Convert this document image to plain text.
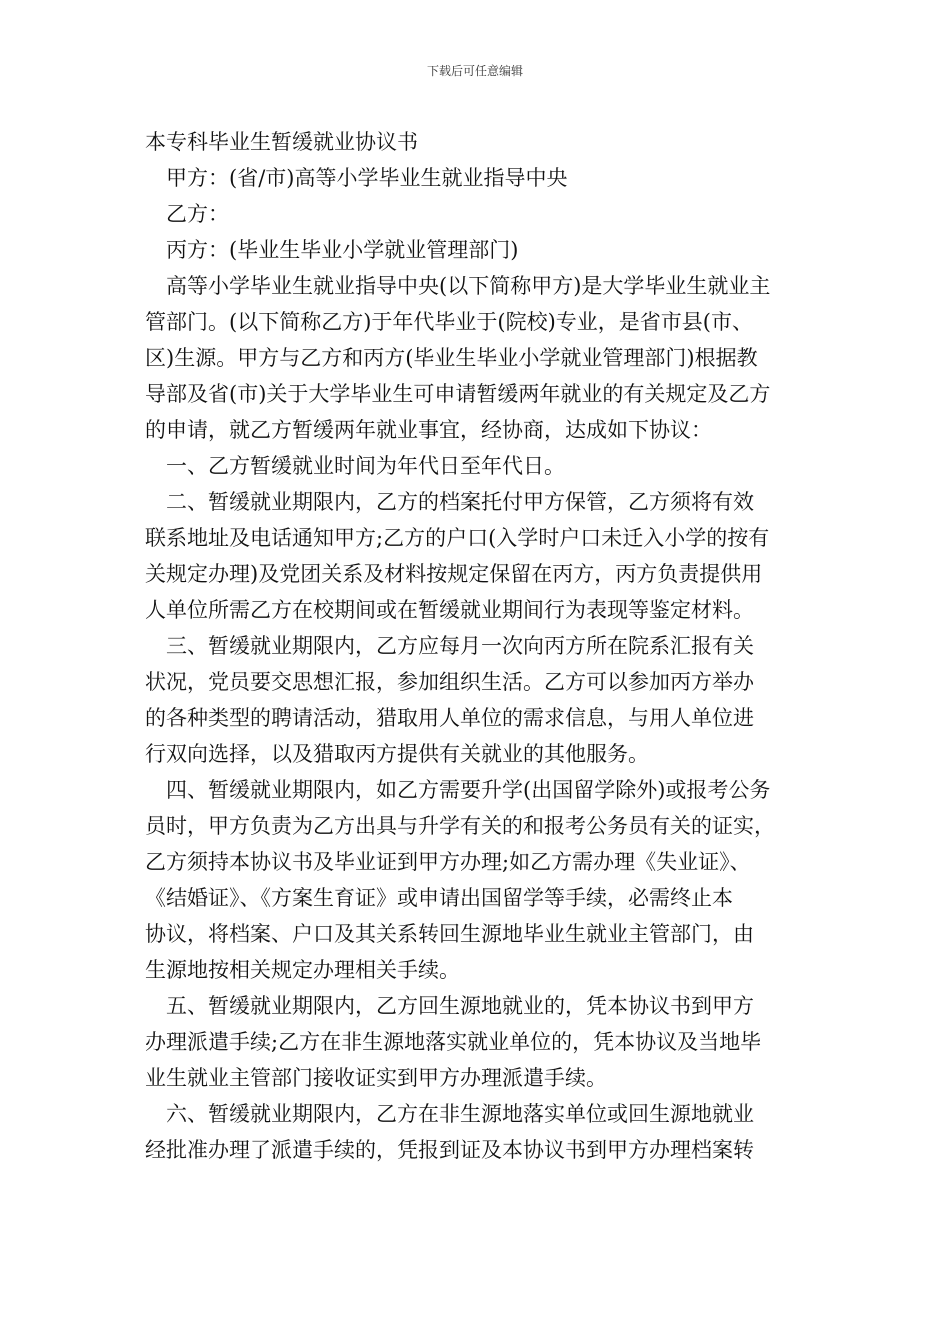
下载后可任意编辑
本专科毕业生暂缓就业协议书
甲方：(省/市)高等小学毕业生就业指导中央
乙方：
丙方：(毕业生毕业小学就业管理部门)
高等小学毕业生就业指导中央(以下简称甲方)是大学毕业生就业主
管部门。(以下简称乙方)于年代毕业于(院校)专业，是省市县(市、
区)生源。甲方与乙方和丙方(毕业生毕业小学就业管理部门)根据教
导部及省(市)关于大学毕业生可申请暂缓两年就业的有关规定及乙方
的申请，就乙方暂缓两年就业事宜，经协商，达成如下协议：
一、乙方暂缓就业时间为年代日至年代日。
二、暂缓就业期限内，乙方的档案托付甲方保管，乙方须将有效
联系地址及电话通知甲方;乙方的户口(入学时户口未迁入小学的按有
关规定办理)及党团关系及材料按规定保留在丙方，丙方负责提供用
人单位所需乙方在校期间或在暂缓就业期间行为表现等鉴定材料。
三、暂缓就业期限内，乙方应每月一次向丙方所在院系汇报有关
状况，党员要交思想汇报，参加组织生活。乙方可以参加丙方举办
的各种类型的聘请活动，猎取用人单位的需求信息，与用人单位进
行双向选择，以及猎取丙方提供有关就业的其他服务。
四、暂缓就业期限内，如乙方需要升学(出国留学除外)或报考公务
员时，甲方负责为乙方出具与升学有关的和报考公务员有关的证实，
乙方须持本协议书及毕业证到甲方办理;如乙方需办理《失业证》、
《结婚证》、《方案生育证》或申请出国留学等手续，必需终止本
协议，将档案、户口及其关系转回生源地毕业生就业主管部门，由
生源地按相关规定办理相关手续。
五、暂缓就业期限内，乙方回生源地就业的，凭本协议书到甲方
办理派遣手续;乙方在非生源地落实就业单位的，凭本协议及当地毕
业生就业主管部门接收证实到甲方办理派遣手续。
六、暂缓就业期限内，乙方在非生源地落实单位或回生源地就业
经批准办理了派遣手续的，凭报到证及本协议书到甲方办理档案转
